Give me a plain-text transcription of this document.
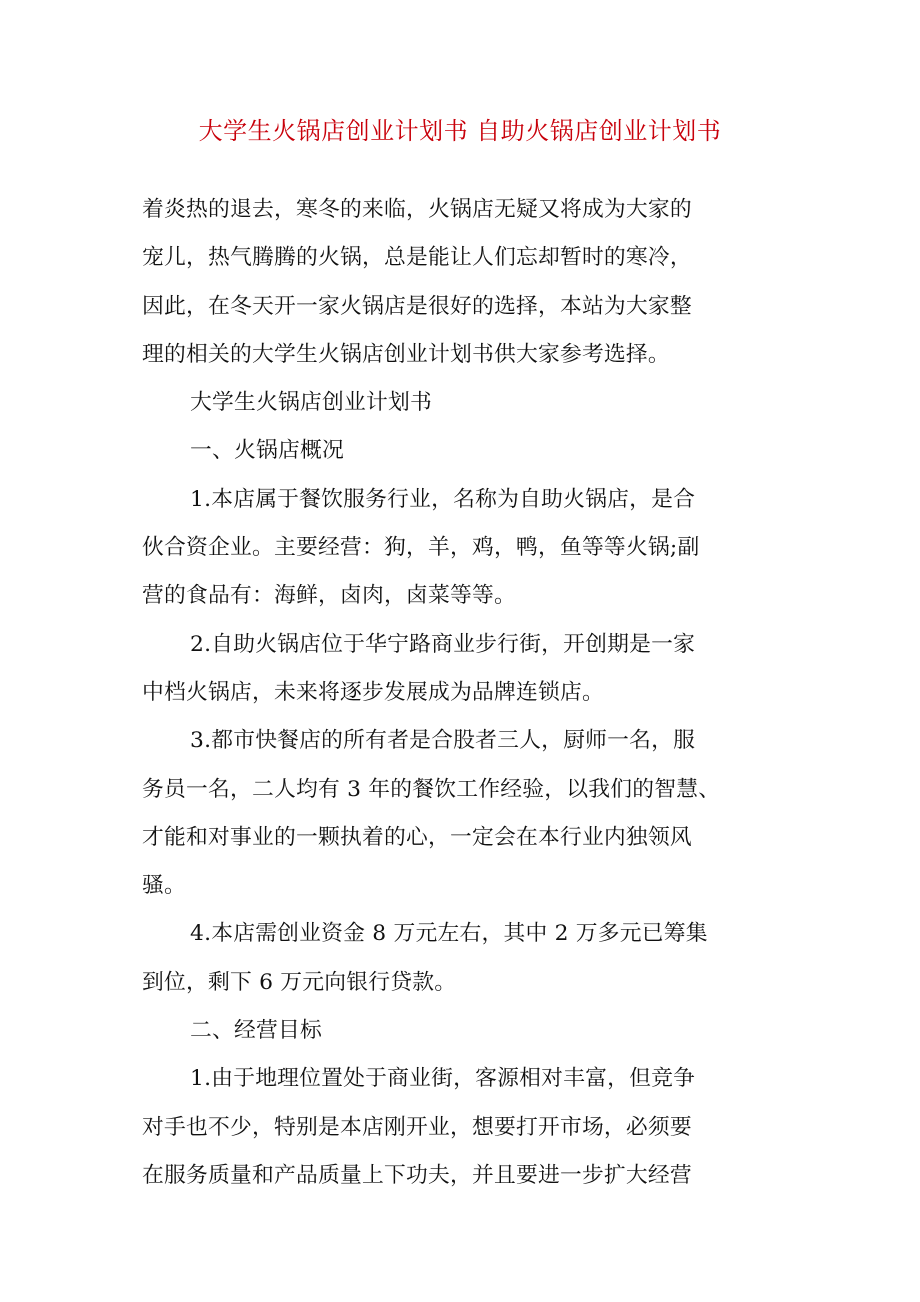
大学生火锅店创业计划书 自助火锅店创业计划书

着炎热的退去，寒冬的来临，火锅店无疑又将成为大家的

宠儿，热气腾腾的火锅，总是能让人们忘却暂时的寒冷，

因此，在冬天开一家火锅店是很好的选择，本站为大家整

理的相关的大学生火锅店创业计划书供大家参考选择。

大学生火锅店创业计划书

一、火锅店概况

1.本店属于餐饮服务行业，名称为自助火锅店，是合

伙合资企业。主要经营：狗，羊，鸡，鸭，鱼等等火锅;副

营的食品有：海鲜，卤肉，卤菜等等。

2.自助火锅店位于华宁路商业步行街，开创期是一家

中档火锅店，未来将逐步发展成为品牌连锁店。

3.都市快餐店的所有者是合股者三人，厨师一名，服

务员一名，二人均有 3 年的餐饮工作经验，以我们的智慧、

才能和对事业的一颗执着的心，一定会在本行业内独领风

骚。

4.本店需创业资金 8 万元左右，其中 2 万多元已筹集

到位，剩下 6 万元向银行贷款。

二、经营目标

1.由于地理位置处于商业街，客源相对丰富，但竞争

对手也不少，特别是本店刚开业，想要打开市场，必须要

在服务质量和产品质量上下功夫，并且要进一步扩大经营
